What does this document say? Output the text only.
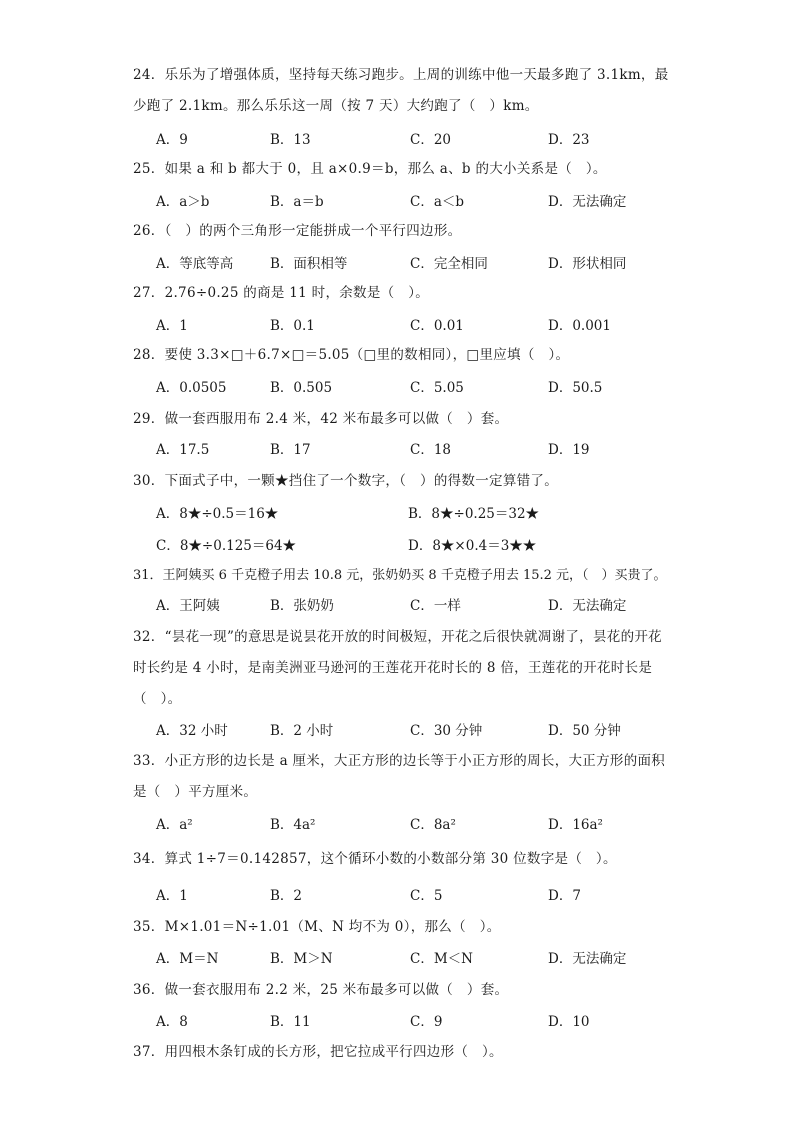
24．乐乐为了增强体质，坚持每天练习跑步。上周的训练中他一天最多跑了 3.1km，最
少跑了 2.1km。那么乐乐这一周（按 7 天）大约跑了（　）km。
A．9	B．13	C．20	D．23
25．如果 a 和 b 都大于 0，且 a×0.9＝b，那么 a、b 的大小关系是（　）。
A．a＞b	B．a＝b	C．a＜b	D．无法确定
26．（　）的两个三角形一定能拼成一个平行四边形。
A．等底等高	B．面积相等	C．完全相同	D．形状相同
27．2.76÷0.25 的商是 11 时，余数是（　）。
A．1	B．0.1	C．0.01	D．0.001
28．要使 3.3×□＋6.7×□＝5.05（□里的数相同），□里应填（　）。
A．0.0505	B．0.505	C．5.05	D．50.5
29．做一套西服用布 2.4 米，42 米布最多可以做（　）套。
A．17.5	B．17	C．18	D．19
30．下面式子中，一颗★挡住了一个数字，（　）的得数一定算错了。
A．8★÷0.5＝16★	B．8★÷0.25＝32★
C．8★÷0.125＝64★	D．8★×0.4＝3★★
31．王阿姨买 6 千克橙子用去 10.8 元，张奶奶买 8 千克橙子用去 15.2 元，（　）买贵了。
A．王阿姨	B．张奶奶	C．一样	D．无法确定
32．“昙花一现”的意思是说昙花开放的时间极短，开花之后很快就凋谢了，昙花的开花
时长约是 4 小时，是南美洲亚马逊河的王莲花开花时长的 8 倍，王莲花的开花时长是
（　）。
A．32 小时	B．2 小时	C．30 分钟	D．50 分钟
33．小正方形的边长是 a 厘米，大正方形的边长等于小正方形的周长，大正方形的面积
是（　）平方厘米。
A．a²	B．4a²	C．8a²	D．16a²
34．算式 1÷7＝0.142857，这个循环小数的小数部分第 30 位数字是（　）。
A．1	B．2	C．5	D．7
35．M×1.01＝N÷1.01（M、N 均不为 0），那么（　）。
A．M＝N	B．M＞N	C．M＜N	D．无法确定
36．做一套衣服用布 2.2 米，25 米布最多可以做（　）套。
A．8	B．11	C．9	D．10
37．用四根木条钉成的长方形，把它拉成平行四边形（　）。
